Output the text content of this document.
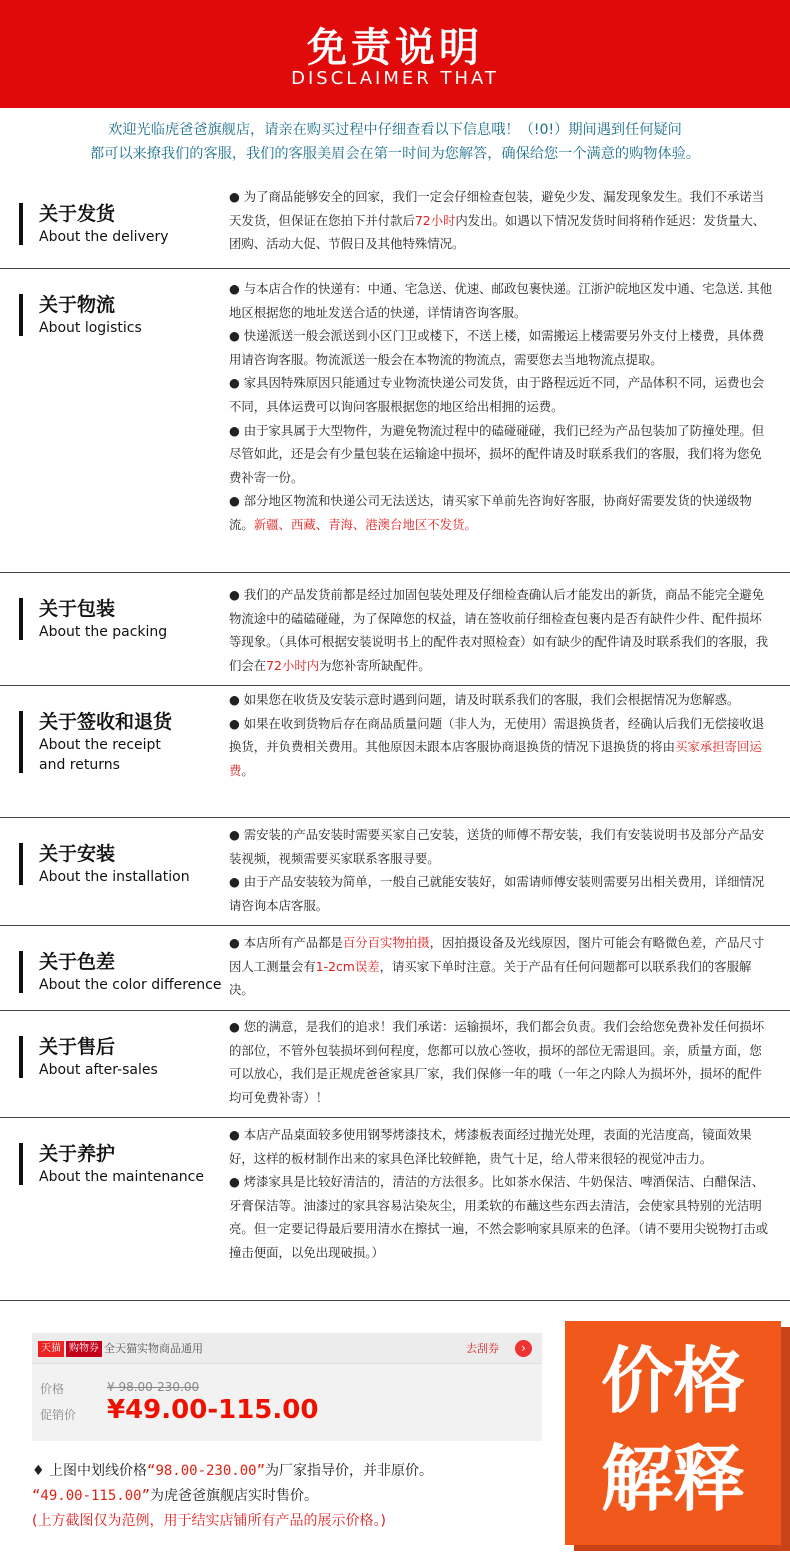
免责说明
DISCLAIMER THAT
欢迎光临虎爸爸旗舰店，请亲在购买过程中仔细查看以下信息哦！（!0!）期间遇到任何疑问
都可以来撩我们的客服，我们的客服美眉会在第一时间为您解答，确保给您一个满意的购物体验。
关于发货
About the delivery

● 为了商品能够安全的回家，我们一定会仔细检查包装，避免少发、漏发现象发生。我们不承诺当天发货，但保证在您拍下并付款后72小时内发出。如遇以下情况发货时间将稍作延迟：发货量大、团购、活动大促、节假日及其他特殊情况。

关于物流
About logistics

● 与本店合作的快递有：中通、宅急送、优速、邮政包裹快递。江浙沪皖地区发中通、宅急送. 其他地区根据您的地址发送合适的快递，详情请咨询客服。

● 快递派送一般会派送到小区门卫或楼下，不送上楼，如需搬运上楼需要另外支付上楼费，具体费用请咨询客服。物流派送一般会在本物流的物流点，需要您去当地物流点提取。

● 家具因特殊原因只能通过专业物流快递公司发货，由于路程远近不同，产品体积不同，运费也会不同，具体运费可以询问客服根据您的地区给出相拥的运费。

● 由于家具属于大型物件，为避免物流过程中的磕碰碰碰，我们已经为产品包装加了防撞处理。但尽管如此，还是会有少量包装在运输途中损坏，损坏的配件请及时联系我们的客服，我们将为您免费补寄一份。

● 部分地区物流和快递公司无法送达，请买家下单前先咨询好客服，协商好需要发货的快递级物流。新疆、西藏、青海、港澳台地区不发货。

关于包装
About the packing

● 我们的产品发货前都是经过加固包装处理及仔细检查确认后才能发出的新货，商品不能完全避免物流途中的磕磕碰碰，为了保障您的权益，请在签收前仔细检查包裹内是否有缺件少件、配件损坏等现象。（具体可根据安装说明书上的配件表对照检查）如有缺少的配件请及时联系我们的客服，我们会在72小时内为您补寄所缺配件。

关于签收和退货
About the receipt
and returns

● 如果您在收货及安装示意时遇到问题，请及时联系我们的客服，我们会根据情况为您解惑。

● 如果在收到货物后存在商品质量问题（非人为，无使用）需退换货者，经确认后我们无偿接收退换货，并负费相关费用。其他原因未跟本店客服协商退换货的情况下退换货的将由买家承担寄回运费。

关于安装
About the installation

● 需安装的产品安装时需要买家自己安装，送货的师傅不帮安装，我们有安装说明书及部分产品安装视频，视频需要买家联系客服寻要。

● 由于产品安装较为简单，一般自己就能安装好，如需请师傅安装则需要另出相关费用，详细情况请咨询本店客服。

关于色差
About the color difference

● 本店所有产品都是百分百实物拍摄，因拍摄设备及光线原因，图片可能会有略微色差，产品尺寸因人工测量会有1-2cm误差，请买家下单时注意。关于产品有任何问题都可以联系我们的客服解决。

关于售后
About after-sales

● 您的满意，是我们的追求！我们承诺：运输损坏，我们都会负责。我们会给您免费补发任何损坏的部位，不管外包装损坏到何程度，您都可以放心签收，损坏的部位无需退回。亲，质量方面，您可以放心，我们是正规虎爸爸家具厂家，我们保修一年的哦（一年之内除人为损坏外，损坏的配件均可免费补寄）！

关于养护
About the maintenance

● 本店产品桌面较多使用钢琴烤漆技术，烤漆板表面经过抛光处理，表面的光洁度高，镜面效果好，这样的板材制作出来的家具色泽比较鲜艳，贵气十足，给人带来很轻的视觉冲击力。

● 烤漆家具是比较好清洁的，清洁的方法很多。比如茶水保洁、牛奶保洁、啤酒保洁、白醋保洁、牙膏保洁等。油漆过的家具容易沾染灰尘，用柔软的布蘸这些东西去清洁，会使家具特别的光洁明亮。但一定要记得最后要用清水在擦拭一遍，不然会影响家具原来的色泽。（请不要用尖锐物打击或撞击便面，以免出现破损。）

天猫 购物券 全天猫实物商品通用	去刮券	›
价格	¥ 98.00-230.00
促销价 ¥49.00-115.00

♦ 上图中划线价格“98.00-230.00”为厂家指导价，并非原价。

“49.00-115.00”为虎爸爸旗舰店实时售价。

(上方截图仅为范例，用于结实店铺所有产品的展示价格。)

价格
解释
